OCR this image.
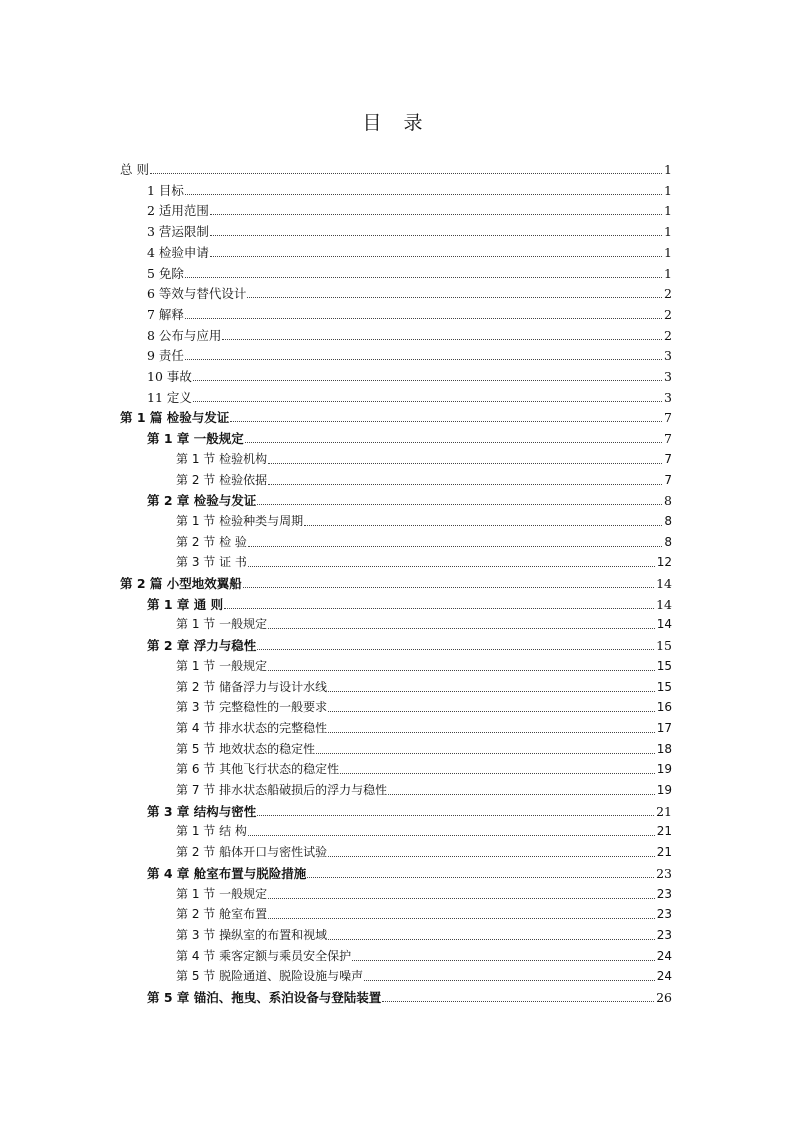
目 录
总 则	1
1 目标	1
2 适用范围	1
3 营运限制	1
4 检验申请	1
5 免除	1
6 等效与替代设计	2
7 解释	2
8 公布与应用	2
9 责任	3
10 事故	3
11 定义	3
第 1 篇 检验与发证	7
第 1 章 一般规定	7
第 1 节 检验机构	7
第 2 节 检验依据	7
第 2 章 检验与发证	8
第 1 节 检验种类与周期	8
第 2 节 检 验	8
第 3 节 证 书	12
第 2 篇 小型地效翼船	14
第 1 章 通 则	14
第 1 节 一般规定	14
第 2 章 浮力与稳性	15
第 1 节 一般规定	15
第 2 节 储备浮力与设计水线	15
第 3 节 完整稳性的一般要求	16
第 4 节 排水状态的完整稳性	17
第 5 节 地效状态的稳定性	18
第 6 节 其他飞行状态的稳定性	19
第 7 节 排水状态船破损后的浮力与稳性	19
第 3 章 结构与密性	21
第 1 节 结 构	21
第 2 节 船体开口与密性试验	21
第 4 章 舱室布置与脱险措施	23
第 1 节 一般规定	23
第 2 节 舱室布置	23
第 3 节 操纵室的布置和视域	23
第 4 节 乘客定额与乘员安全保护	24
第 5 节 脱险通道、脱险设施与噪声	24
第 5 章 锚泊、拖曳、系泊设备与登陆装置	26
